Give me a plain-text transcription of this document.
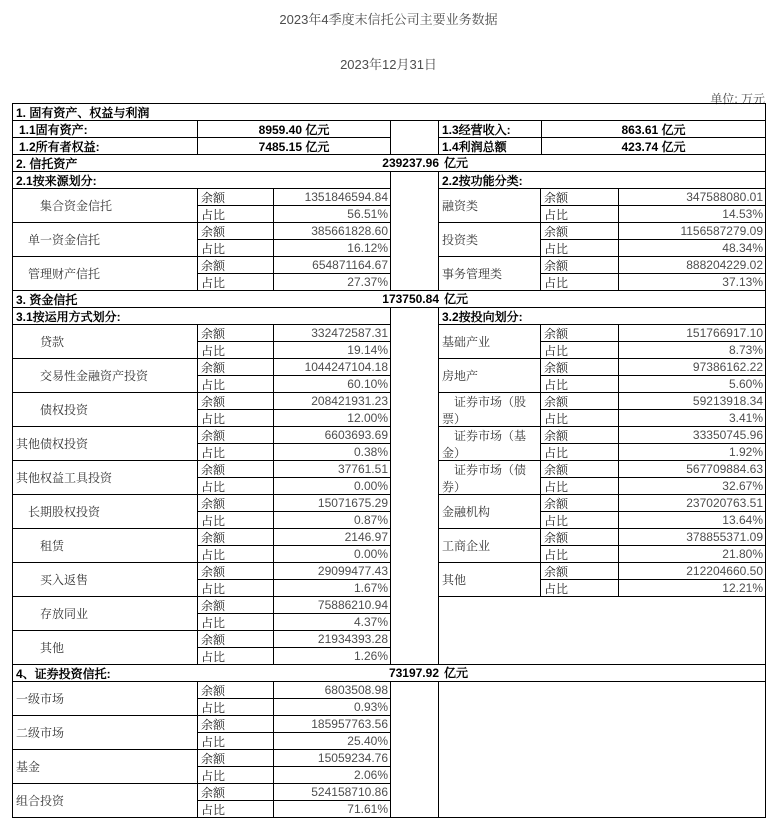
2023年4季度末信托公司主要业务数据
2023年12月31日
单位: 万元
1. 固有资产、权益与利润
1.1固有资产:	8959.40 亿元
1.2所有者权益:	7485.15 亿元
1.3经营收入:	863.61 亿元
1.4利润总额	423.74 亿元
2. 信托资产	239237.96 亿元
2.1按来源划分:
　　集合资金信托
余额	1351846594.84
占比	56.51%
　单一资金信托
余额	385661828.60
占比	16.12%
　管理财产信托
余额	654871164.67
占比	27.37%
2.2按功能分类:
融资类
余额	347588080.01
占比	14.53%
投资类
余额	1156587279.09
占比	48.34%
事务管理类
余额	888204229.02
占比	37.13%
3. 资金信托	173750.84 亿元
3.1按运用方式划分:
　　贷款
余额	332472587.31
占比	19.14%
　　交易性金融资产投资
余额	1044247104.18
占比	60.10%
　　债权投资
余额	208421931.23
占比	12.00%
其他债权投资
余额	6603693.69
占比	0.38%
其他权益工具投资
余额	37761.51
占比	0.00%
　长期股权投资
余额	15071675.29
占比	0.87%
　　租赁
余额	2146.97
占比	0.00%
　　买入返售
余额	29099477.43
占比	1.67%
　　存放同业
余额	75886210.94
占比	4.37%
　　其他
余额	21934393.28
占比	1.26%
3.2按投向划分:
基础产业
余额	151766917.10
占比	8.73%
房地产
余额	97386162.22
占比	5.60%
　证券市场（股票）
余额	59213918.34
占比	3.41%
　证券市场（基金）
余额	33350745.96
占比	1.92%
　证券市场（债券）
余额	567709884.63
占比	32.67%
金融机构
余额	237020763.51
占比	13.64%
工商企业
余额	378855371.09
占比	21.80%
其他
余额	212204660.50
占比	12.21%
4、证券投资信托:	73197.92 亿元
一级市场
余额	6803508.98
占比	0.93%
二级市场
余额	185957763.56
占比	25.40%
基金
余额	15059234.76
占比	2.06%
组合投资
余额	524158710.86
占比	71.61%
